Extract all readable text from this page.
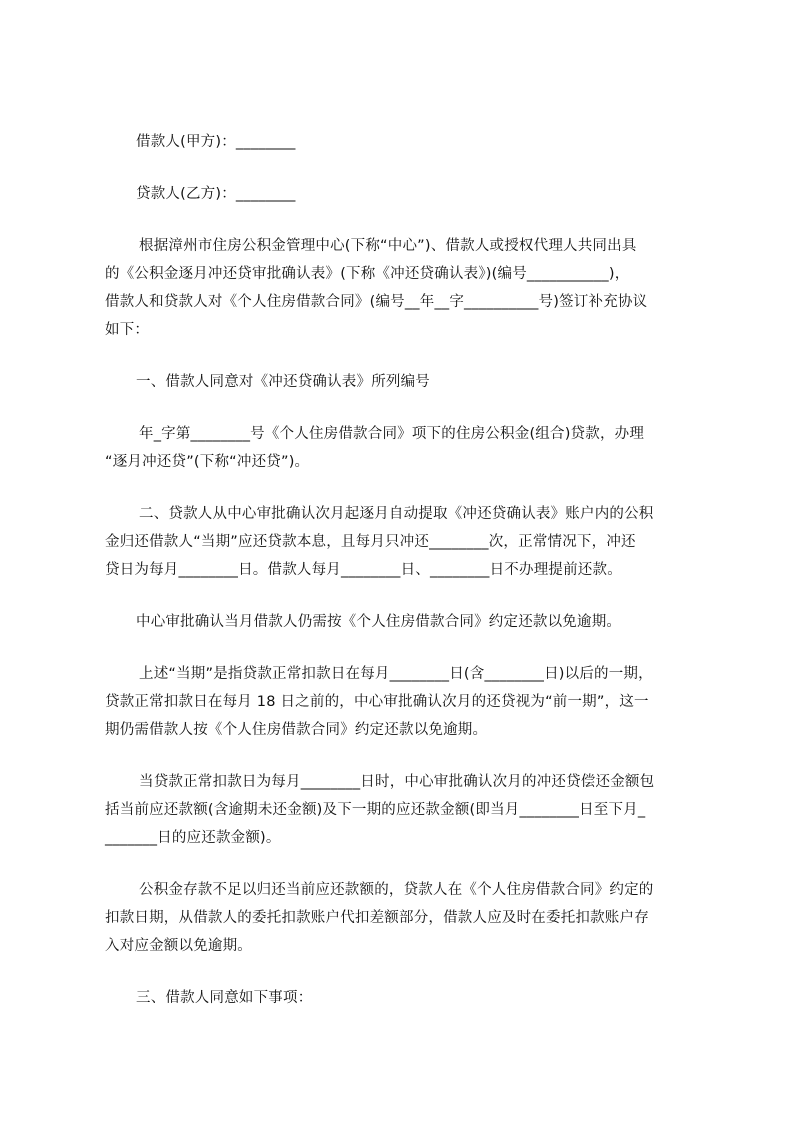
借款人(甲方)：________
贷款人(乙方)：________
根据漳州市住房公积金管理中心(下称“中心”)、借款人或授权代理人共同出具
的《公积金逐月冲还贷审批确认表》(下称《冲还贷确认表》)(编号___________)，
借款人和贷款人对《个人住房借款合同》(编号__年__字__________号)签订补充协议
如下：
一、借款人同意对《冲还贷确认表》所列编号
年_字第________号《个人住房借款合同》项下的住房公积金(组合)贷款，办理
“逐月冲还贷”(下称“冲还贷”)。
二、贷款人从中心审批确认次月起逐月自动提取《冲还贷确认表》账户内的公积
金归还借款人“当期”应还贷款本息，且每月只冲还________次，正常情况下，冲还
贷日为每月________日。借款人每月________日、________日不办理提前还款。
中心审批确认当月借款人仍需按《个人住房借款合同》约定还款以免逾期。
上述“当期”是指贷款正常扣款日在每月________日(含________日)以后的一期，
贷款正常扣款日在每月 18 日之前的，中心审批确认次月的还贷视为“前一期”，这一
期仍需借款人按《个人住房借款合同》约定还款以免逾期。
当贷款正常扣款日为每月________日时，中心审批确认次月的冲还贷偿还金额包
括当前应还款额(含逾期未还金额)及下一期的应还款金额(即当月________日至下月_
_______日的应还款金额)。
公积金存款不足以归还当前应还款额的，贷款人在《个人住房借款合同》约定的
扣款日期，从借款人的委托扣款账户代扣差额部分，借款人应及时在委托扣款账户存
入对应金额以免逾期。
三、借款人同意如下事项：
